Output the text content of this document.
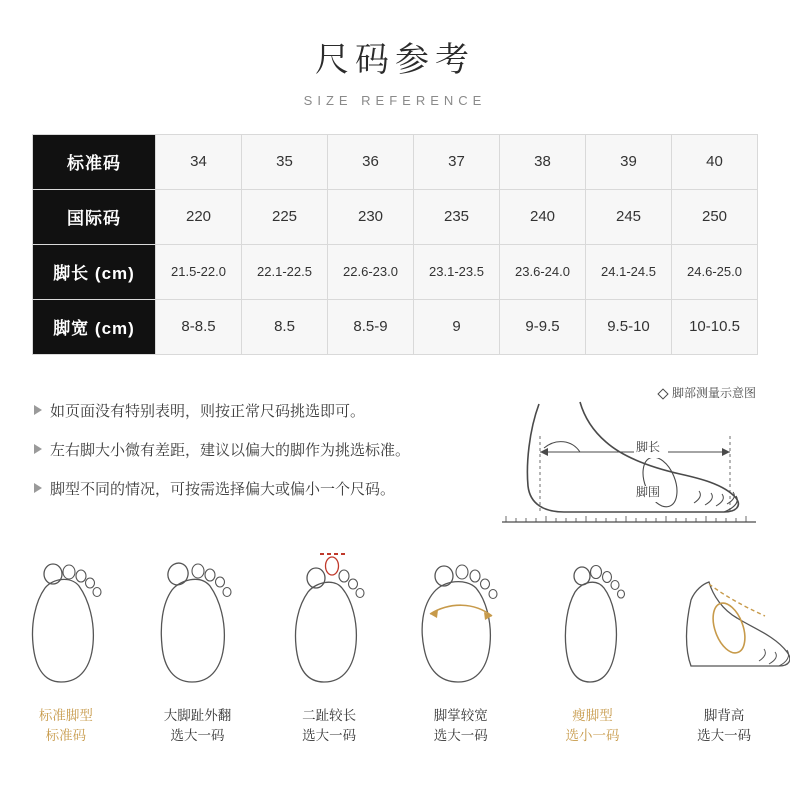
尺码参考
SIZE REFERENCE
标准码	34	35	36	37	38	39	40
国际码	220	225	230	235	240	245	250
脚长 (cm)	21.5-22.0	22.1-22.5	22.6-23.0	23.1-23.5	23.6-24.0	24.1-24.5	24.6-25.0
脚宽 (cm)	8-8.5	8.5	8.5-9	9	9-9.5	9.5-10	10-10.5
如页面没有特别表明，则按正常尺码挑选即可。
左右脚大小微有差距，建议以偏大的脚作为挑选标准。
脚型不同的情况，可按需选择偏大或偏小一个尺码。
脚部测量示意图
脚长
脚围
标准脚型
标准码
大脚趾外翻
选大一码
二趾较长
选大一码
脚掌较宽
选大一码
瘦脚型
选小一码
脚背高
选大一码
